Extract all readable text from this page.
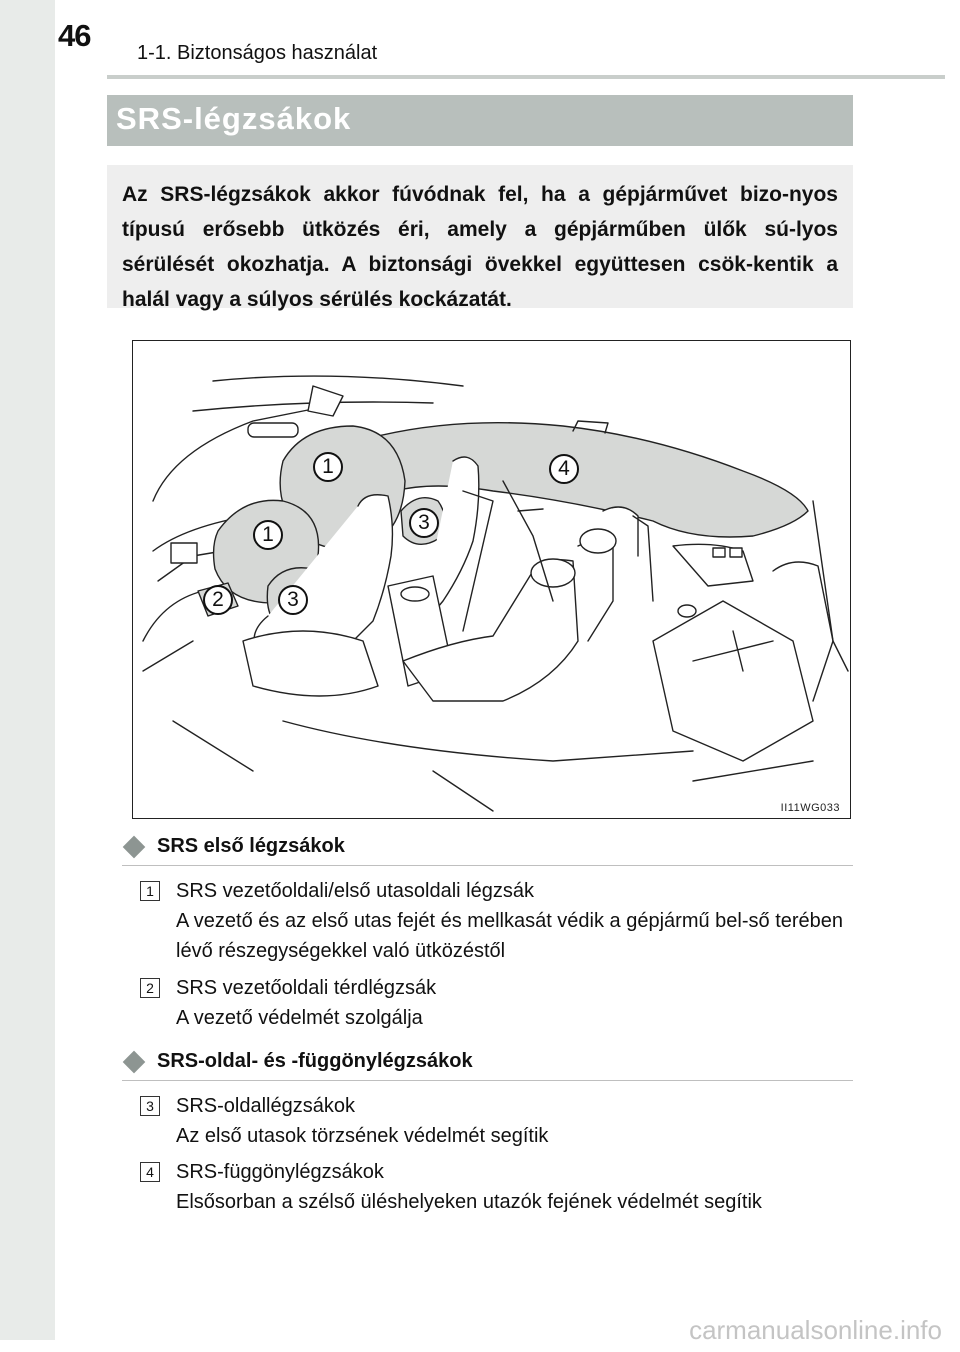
46 1-1. Biztonságos használat
SRS-légzsákok
Az SRS-légzsákok akkor fúvódnak fel, ha a gépjárművet bizo-nyos típusú erősebb ütközés éri, amely a gépjárműben ülők sú-lyos sérülését okozhatja. A biztonsági övekkel együttesen csök-kentik a halál vagy a súlyos sérülés kockázatát.
1
1
2	3
3
4
II11WG033
SRS első légzsákok
1	SRS vezetőoldali/első utasoldali légzsák
A vezető és az első utas fejét és mellkasát védik a gépjármű bel-ső terében lévő részegységekkel való ütközéstől
2	SRS vezetőoldali térdlégzsák
A vezető védelmét szolgálja
SRS-oldal- és -függönylégzsákok
3	SRS-oldallégzsákok
Az első utasok törzsének védelmét segítik
4	SRS-függönylégzsákok
Elsősorban a szélső üléshelyeken utazók fejének védelmét segítik
carmanualsonline.info
